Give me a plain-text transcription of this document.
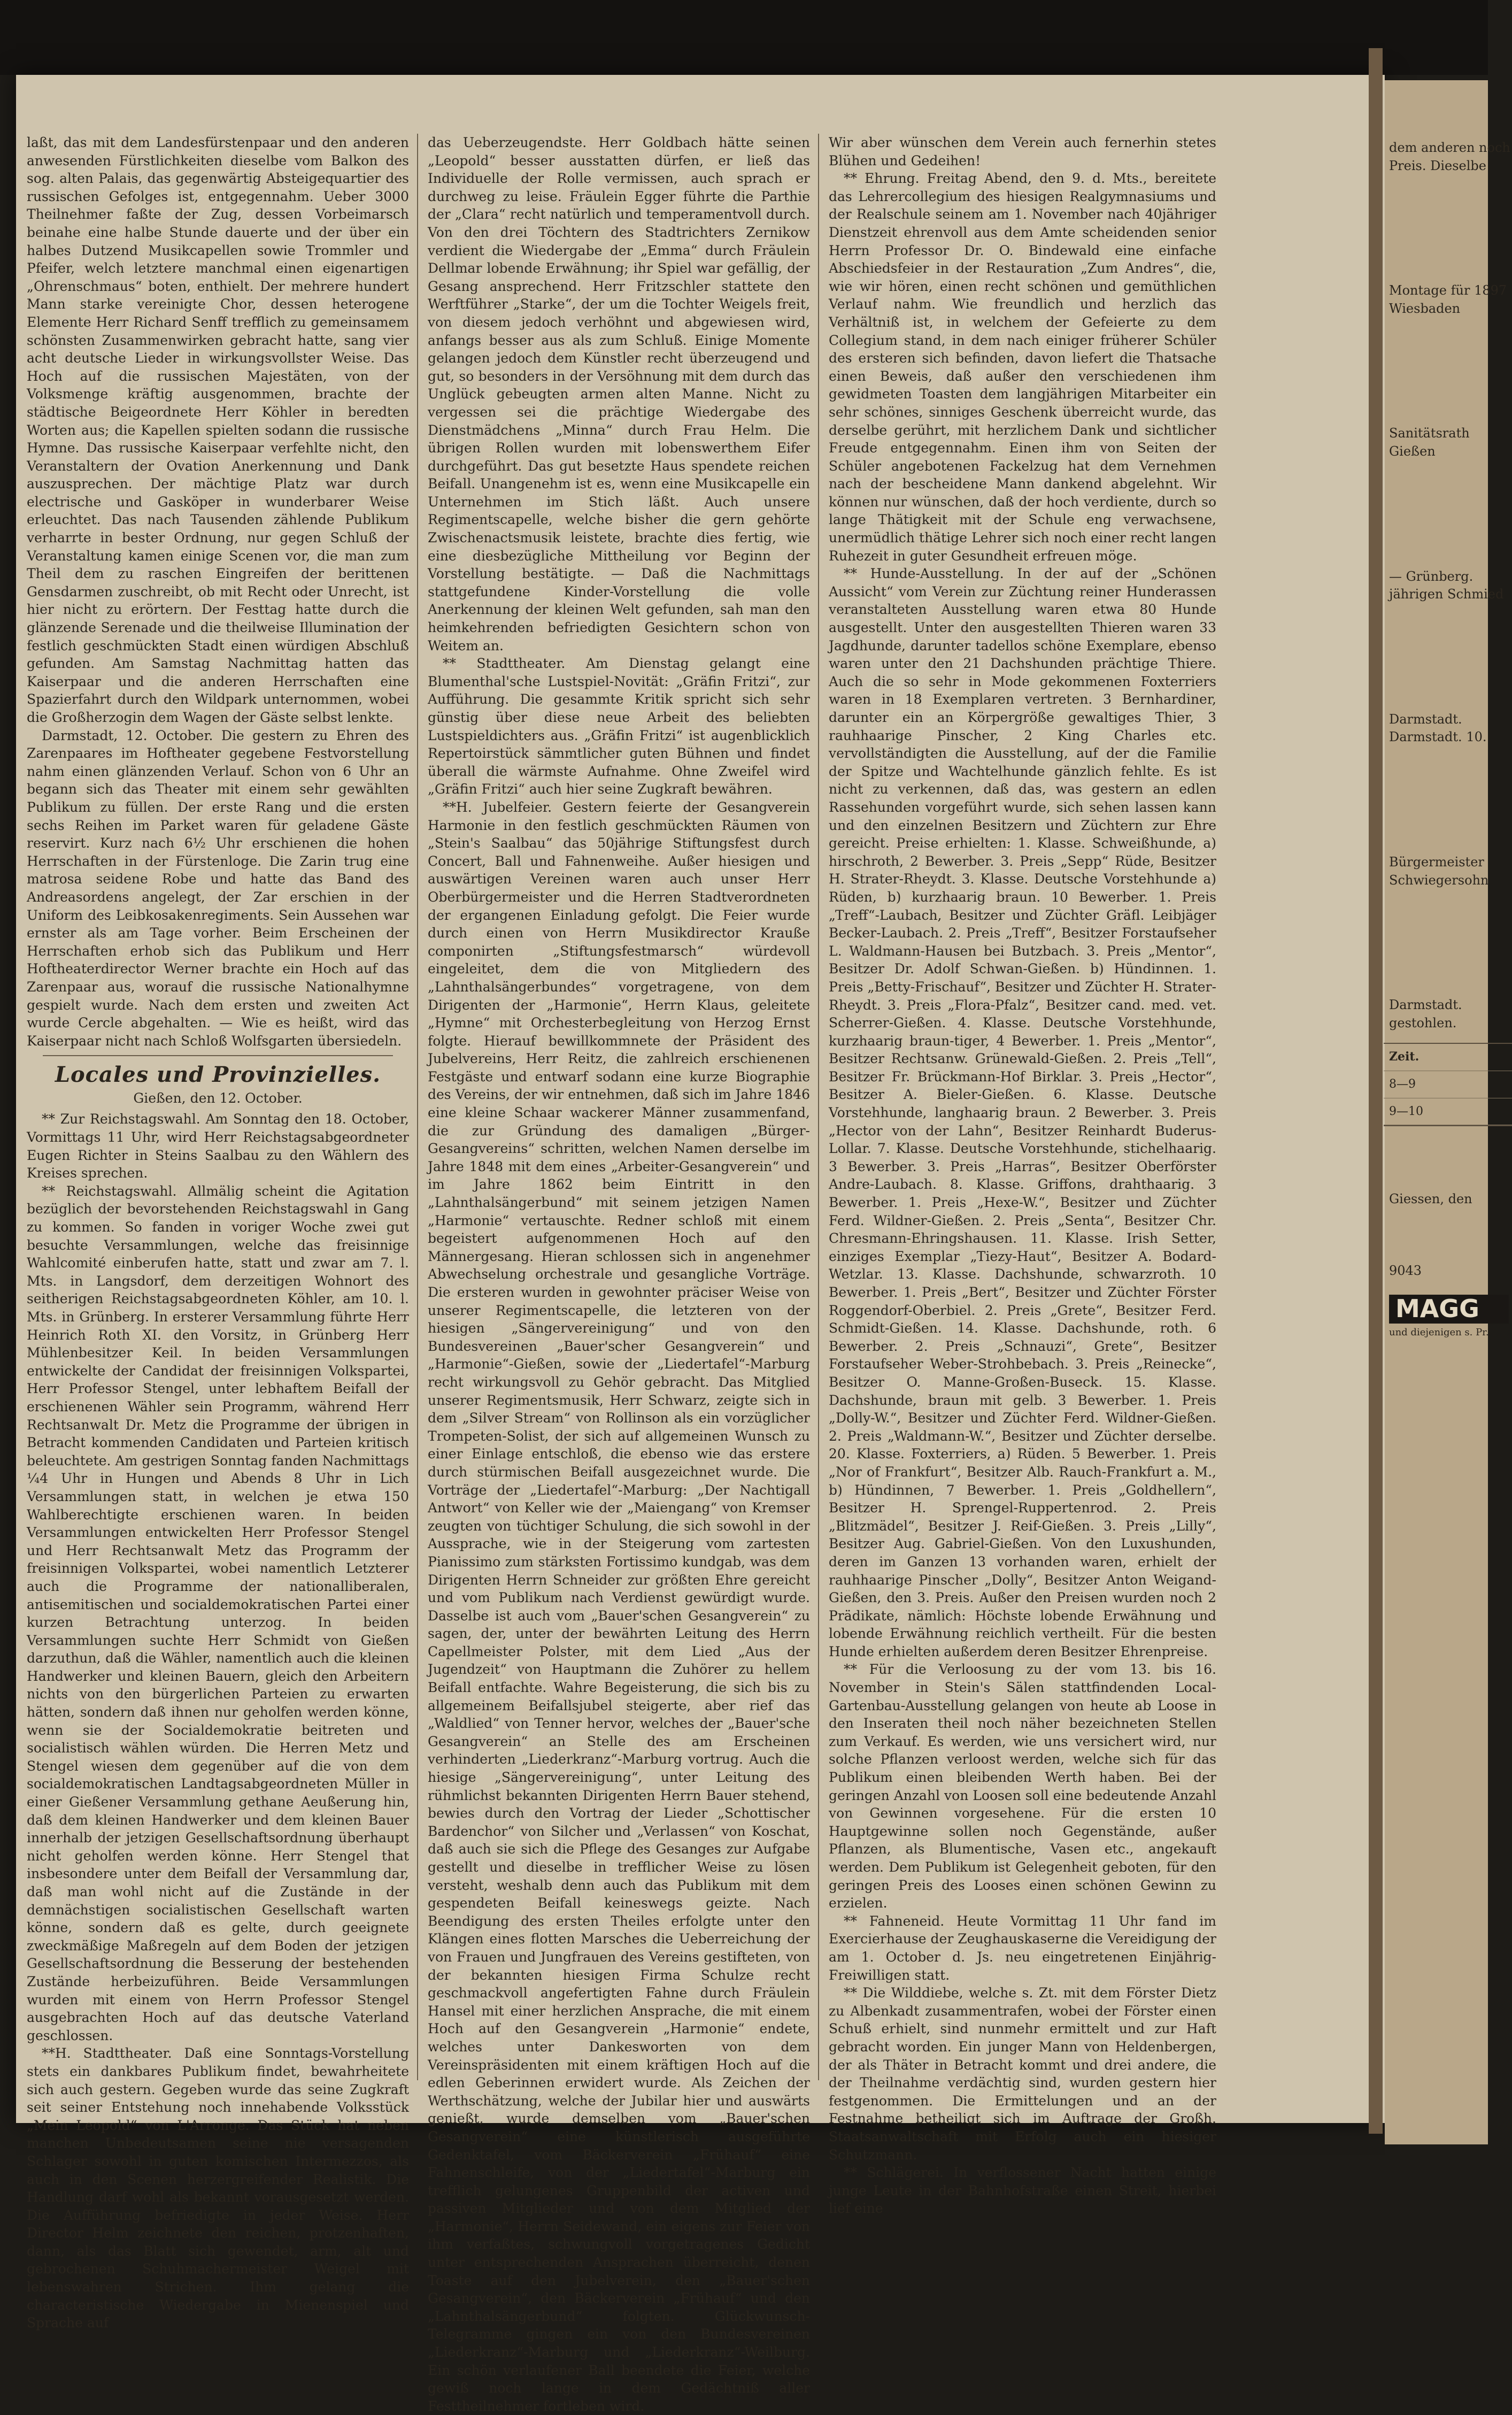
laßt, das mit dem Landesfürstenpaar und den anderen anwesenden Fürstlichkeiten dieselbe vom Balkon des sog. alten Palais, das gegenwärtig Absteigequartier des russischen Gefolges ist, entgegennahm. Ueber 3000 Theilnehmer faßte der Zug, dessen Vorbeimarsch beinahe eine halbe Stunde dauerte und der über ein halbes Dutzend Musikcapellen sowie Trommler und Pfeifer, welch letztere manchmal einen eigenartigen „Ohrenschmaus“ boten, enthielt. Der mehrere hundert Mann starke vereinigte Chor, dessen heterogene Elemente Herr Richard Senff trefflich zu gemeinsamem schönsten Zusammenwirken gebracht hatte, sang vier acht deutsche Lieder in wirkungsvollster Weise. Das Hoch auf die russischen Majestäten, von der Volksmenge kräftig ausgenommen, brachte der städtische Beigeordnete Herr Köhler in beredten Worten aus; die Kapellen spielten sodann die russische Hymne. Das russische Kaiserpaar verfehlte nicht, den Veranstaltern der Ovation Anerkennung und Dank auszusprechen. Der mächtige Platz war durch electrische und Gasköper in wunderbarer Weise erleuchtet. Das nach Tausenden zählende Publikum verharrte in bester Ordnung, nur gegen Schluß der Veranstaltung kamen einige Scenen vor, die man zum Theil dem zu raschen Eingreifen der berittenen Gensdarmen zuschreibt, ob mit Recht oder Unrecht, ist hier nicht zu erörtern. Der Festtag hatte durch die glänzende Serenade und die theilweise Illumination der festlich geschmückten Stadt einen würdigen Abschluß gefunden. Am Samstag Nachmittag hatten das Kaiserpaar und die anderen Herrschaften eine Spazierfahrt durch den Wildpark unternommen, wobei die Großherzogin dem Wagen der Gäste selbst lenkte.

Darmstadt, 12. October. Die gestern zu Ehren des Zarenpaares im Hoftheater gegebene Festvorstellung nahm einen glänzenden Verlauf. Schon von 6 Uhr an begann sich das Theater mit einem sehr gewählten Publikum zu füllen. Der erste Rang und die ersten sechs Reihen im Parket waren für geladene Gäste reservirt. Kurz nach 6½ Uhr erschienen die hohen Herrschaften in der Fürstenloge. Die Zarin trug eine matrosa seidene Robe und hatte das Band des Andreasordens angelegt, der Zar erschien in der Uniform des Leibkosakenregiments. Sein Aussehen war ernster als am Tage vorher. Beim Erscheinen der Herrschaften erhob sich das Publikum und Herr Hoftheaterdirector Werner brachte ein Hoch auf das Zarenpaar aus, worauf die russische Nationalhymne gespielt wurde. Nach dem ersten und zweiten Act wurde Cercle abgehalten. — Wie es heißt, wird das Kaiserpaar nicht nach Schloß Wolfsgarten übersiedeln.

Locales und Provinzielles.
Gießen, den 12. October.

** Zur Reichstagswahl. Am Sonntag den 18. October, Vormittags 11 Uhr, wird Herr Reichstagsabgeordneter Eugen Richter in Steins Saalbau zu den Wählern des Kreises sprechen.

** Reichstagswahl. Allmälig scheint die Agitation bezüglich der bevorstehenden Reichstagswahl in Gang zu kommen. So fanden in voriger Woche zwei gut besuchte Versammlungen, welche das freisinnige Wahlcomité einberufen hatte, statt und zwar am 7. l. Mts. in Langsdorf, dem derzeitigen Wohnort des seitherigen Reichstagsabgeordneten Köhler, am 10. l. Mts. in Grünberg. In ersterer Versammlung führte Herr Heinrich Roth XI. den Vorsitz, in Grünberg Herr Mühlenbesitzer Keil. In beiden Versammlungen entwickelte der Candidat der freisinnigen Volkspartei, Herr Professor Stengel, unter lebhaftem Beifall der erschienenen Wähler sein Programm, während Herr Rechtsanwalt Dr. Metz die Programme der übrigen in Betracht kommenden Candidaten und Parteien kritisch beleuchtete. Am gestrigen Sonntag fanden Nachmittags ¼4 Uhr in Hungen und Abends 8 Uhr in Lich Versammlungen statt, in welchen je etwa 150 Wahlberechtigte erschienen waren. In beiden Versammlungen entwickelten Herr Professor Stengel und Herr Rechtsanwalt Metz das Programm der freisinnigen Volkspartei, wobei namentlich Letzterer auch die Programme der nationalliberalen, antisemitischen und socialdemokratischen Partei einer kurzen Betrachtung unterzog. In beiden Versammlungen suchte Herr Schmidt von Gießen darzuthun, daß die Wähler, namentlich auch die kleinen Handwerker und kleinen Bauern, gleich den Arbeitern nichts von den bürgerlichen Parteien zu erwarten hätten, sondern daß ihnen nur geholfen werden könne, wenn sie der Socialdemokratie beitreten und socialistisch wählen würden. Die Herren Metz und Stengel wiesen dem gegenüber auf die von dem socialdemokratischen Landtagsabgeordneten Müller in einer Gießener Versammlung gethane Aeußerung hin, daß dem kleinen Handwerker und dem kleinen Bauer innerhalb der jetzigen Gesellschaftsordnung überhaupt nicht geholfen werden könne. Herr Stengel that insbesondere unter dem Beifall der Versammlung dar, daß man wohl nicht auf die Zustände in der demnächstigen socialistischen Gesellschaft warten könne, sondern daß es gelte, durch geeignete zweckmäßige Maßregeln auf dem Boden der jetzigen Gesellschaftsordnung die Besserung der bestehenden Zustände herbeizuführen. Beide Versammlungen wurden mit einem von Herrn Professor Stengel ausgebrachten Hoch auf das deutsche Vaterland geschlossen.

**H. Stadttheater. Daß eine Sonntags-Vorstellung stets ein dankbares Publikum findet, bewahrheitete sich auch gestern. Gegeben wurde das seine Zugkraft seit seiner Entstehung noch innehabende Volksstück „Mein Leopold“ von L'Arronge. Das Stück hat neben manchen Unbedeutsamen seine nie versagenden Schlager sowohl in guten komischen Intermezzos, als auch in den Scenen herzergreifender Realistik. Die Handlung darf wohl als bekannt vorausgesetzt werden. Die Aufführung befriedigte in jeder Weise. Herr Director Helm zeichnete den reichen, protzenhaften, dann, als das Blatt sich gewendet, arm, alt und gebrochenen Schuhmachermeister Weigel mit lebenswahren Strichen. Ihm gelang die characteristische Wiedergabe in Mienenspiel und Sprache auf

das Ueberzeugendste. Herr Goldbach hätte seinen „Leopold“ besser ausstatten dürfen, er ließ das Individuelle der Rolle vermissen, auch sprach er durchweg zu leise. Fräulein Egger führte die Parthie der „Clara“ recht natürlich und temperamentvoll durch. Von den drei Töchtern des Stadtrichters Zernikow verdient die Wiedergabe der „Emma“ durch Fräulein Dellmar lobende Erwähnung; ihr Spiel war gefällig, der Gesang ansprechend. Herr Fritzschler stattete den Werftführer „Starke“, der um die Tochter Weigels freit, von diesem jedoch verhöhnt und abgewiesen wird, anfangs besser aus als zum Schluß. Einige Momente gelangen jedoch dem Künstler recht überzeugend und gut, so besonders in der Versöhnung mit dem durch das Unglück gebeugten armen alten Manne. Nicht zu vergessen sei die prächtige Wiedergabe des Dienstmädchens „Minna“ durch Frau Helm. Die übrigen Rollen wurden mit lobenswerthem Eifer durchgeführt. Das gut besetzte Haus spendete reichen Beifall. Unangenehm ist es, wenn eine Musikcapelle ein Unternehmen im Stich läßt. Auch unsere Regimentscapelle, welche bisher die gern gehörte Zwischenactsmusik leistete, brachte dies fertig, wie eine diesbezügliche Mittheilung vor Beginn der Vorstellung bestätigte. — Daß die Nachmittags stattgefundene Kinder-Vorstellung die volle Anerkennung der kleinen Welt gefunden, sah man den heimkehrenden befriedigten Gesichtern schon von Weitem an.

** Stadttheater. Am Dienstag gelangt eine Blumenthal'sche Lustspiel-Novität: „Gräfin Fritzi“, zur Aufführung. Die gesammte Kritik spricht sich sehr günstig über diese neue Arbeit des beliebten Lustspieldichters aus. „Gräfin Fritzi“ ist augenblicklich Repertoirstück sämmtlicher guten Bühnen und findet überall die wärmste Aufnahme. Ohne Zweifel wird „Gräfin Fritzi“ auch hier seine Zugkraft bewähren.

**H. Jubelfeier. Gestern feierte der Gesangverein Harmonie in den festlich geschmückten Räumen von „Stein's Saalbau“ das 50jährige Stiftungsfest durch Concert, Ball und Fahnenweihe. Außer hiesigen und auswärtigen Vereinen waren auch unser Herr Oberbürgermeister und die Herren Stadtverordneten der ergangenen Einladung gefolgt. Die Feier wurde durch einen von Herrn Musikdirector Krauße componirten „Stiftungsfestmarsch“ würdevoll eingeleitet, dem die von Mitgliedern des „Lahnthalsängerbundes“ vorgetragene, von dem Dirigenten der „Harmonie“, Herrn Klaus, geleitete „Hymne“ mit Orchesterbegleitung von Herzog Ernst folgte. Hierauf bewillkommnete der Präsident des Jubelvereins, Herr Reitz, die zahlreich erschienenen Festgäste und entwarf sodann eine kurze Biographie des Vereins, der wir entnehmen, daß sich im Jahre 1846 eine kleine Schaar wackerer Männer zusammenfand, die zur Gründung des damaligen „Bürger-Gesangvereins“ schritten, welchen Namen derselbe im Jahre 1848 mit dem eines „Arbeiter-Gesangverein“ und im Jahre 1862 beim Eintritt in den „Lahnthalsängerbund“ mit seinem jetzigen Namen „Harmonie“ vertauschte. Redner schloß mit einem begeistert aufgenommenen Hoch auf den Männergesang. Hieran schlossen sich in angenehmer Abwechselung orchestrale und gesangliche Vorträge. Die ersteren wurden in gewohnter präciser Weise von unserer Regimentscapelle, die letzteren von der hiesigen „Sängervereinigung“ und von den Bundesvereinen „Bauer'scher Gesangverein“ und „Harmonie“-Gießen, sowie der „Liedertafel“-Marburg recht wirkungsvoll zu Gehör gebracht. Das Mitglied unserer Regimentsmusik, Herr Schwarz, zeigte sich in dem „Silver Stream“ von Rollinson als ein vorzüglicher Trompeten-Solist, der sich auf allgemeinen Wunsch zu einer Einlage entschloß, die ebenso wie das erstere durch stürmischen Beifall ausgezeichnet wurde. Die Vorträge der „Liedertafel“-Marburg: „Der Nachtigall Antwort“ von Keller wie der „Maiengang“ von Kremser zeugten von tüchtiger Schulung, die sich sowohl in der Aussprache, wie in der Steigerung vom zartesten Pianissimo zum stärksten Fortissimo kundgab, was dem Dirigenten Herrn Schneider zur größten Ehre gereicht und vom Publikum nach Verdienst gewürdigt wurde. Dasselbe ist auch vom „Bauer'schen Gesangverein“ zu sagen, der, unter der bewährten Leitung des Herrn Capellmeister Polster, mit dem Lied „Aus der Jugendzeit“ von Hauptmann die Zuhörer zu hellem Beifall entfachte. Wahre Begeisterung, die sich bis zu allgemeinem Beifallsjubel steigerte, aber rief das „Waldlied“ von Tenner hervor, welches der „Bauer'sche Gesangverein“ an Stelle des am Erscheinen verhinderten „Liederkranz“-Marburg vortrug. Auch die hiesige „Sängervereinigung“, unter Leitung des rühmlichst bekannten Dirigenten Herrn Bauer stehend, bewies durch den Vortrag der Lieder „Schottischer Bardenchor“ von Silcher und „Verlassen“ von Koschat, daß auch sie sich die Pflege des Gesanges zur Aufgabe gestellt und dieselbe in trefflicher Weise zu lösen versteht, weshalb denn auch das Publikum mit dem gespendeten Beifall keineswegs geizte. Nach Beendigung des ersten Theiles erfolgte unter den Klängen eines flotten Marsches die Ueberreichung der von Frauen und Jungfrauen des Vereins gestifteten, von der bekannten hiesigen Firma Schulze recht geschmackvoll angefertigten Fahne durch Fräulein Hansel mit einer herzlichen Ansprache, die mit einem Hoch auf den Gesangverein „Harmonie“ endete, welches unter Dankesworten von dem Vereinspräsidenten mit einem kräftigen Hoch auf die edlen Geberinnen erwidert wurde. Als Zeichen der Werthschätzung, welche der Jubilar hier und auswärts genießt, wurde demselben vom „Bauer'schen Gesangverein“ eine künstlerisch ausgeführte Gedenktafel, vom Bäckerverein „Frühauf“ eine Fahnenschleife, von der „Liedertafel“-Marburg ein trefflich gelungenes Gruppenbild der activen und passiven Mitglieder und von dem Mitglied der „Harmonie“, Herrn Seidewand, ein eigens zur Feier von ihm verfaßtes, schwungvoll vorgetragenes Gedicht unter entsprechenden Ansprachen überreicht, denen Toaste auf den Jubelverein, den „Bauer'schen Gesangverein“, den Bäckerverein „Frühauf“ und den „Lahnthalsängerbund“ folgten. Glückwunsch-Telegramme gingen ein von den Bundesvereinen „Liederkranz“-Marburg und „Liederkranz“-Weilburg. Ein schön verlaufener Ball beendete die Feier, welche gewiß noch lange in dem Gedächtniß aller Festtheilnehmer fortleben wird.

Wir aber wünschen dem Verein auch fernerhin stetes Blühen und Gedeihen!

** Ehrung. Freitag Abend, den 9. d. Mts., bereitete das Lehrercollegium des hiesigen Realgymnasiums und der Realschule seinem am 1. November nach 40jähriger Dienstzeit ehrenvoll aus dem Amte scheidenden senior Herrn Professor Dr. O. Bindewald eine einfache Abschiedsfeier in der Restauration „Zum Andres“, die, wie wir hören, einen recht schönen und gemüthlichen Verlauf nahm. Wie freundlich und herzlich das Verhältniß ist, in welchem der Gefeierte zu dem Collegium stand, in dem nach einiger früherer Schüler des ersteren sich befinden, davon liefert die Thatsache einen Beweis, daß außer den verschiedenen ihm gewidmeten Toasten dem langjährigen Mitarbeiter ein sehr schönes, sinniges Geschenk überreicht wurde, das derselbe gerührt, mit herzlichem Dank und sichtlicher Freude entgegennahm. Einen ihm von Seiten der Schüler angebotenen Fackelzug hat dem Vernehmen nach der bescheidene Mann dankend abgelehnt. Wir können nur wünschen, daß der hoch verdiente, durch so lange Thätigkeit mit der Schule eng verwachsene, unermüdlich thätige Lehrer sich noch einer recht langen Ruhezeit in guter Gesundheit erfreuen möge.

** Hunde-Ausstellung. In der auf der „Schönen Aussicht“ vom Verein zur Züchtung reiner Hunderassen veranstalteten Ausstellung waren etwa 80 Hunde ausgestellt. Unter den ausgestellten Thieren waren 33 Jagdhunde, darunter tadellos schöne Exemplare, ebenso waren unter den 21 Dachshunden prächtige Thiere. Auch die so sehr in Mode gekommenen Foxterriers waren in 18 Exemplaren vertreten. 3 Bernhardiner, darunter ein an Körpergröße gewaltiges Thier, 3 rauhhaarige Pinscher, 2 King Charles etc. vervollständigten die Ausstellung, auf der die Familie der Spitze und Wachtelhunde gänzlich fehlte. Es ist nicht zu verkennen, daß das, was gestern an edlen Rassehunden vorgeführt wurde, sich sehen lassen kann und den einzelnen Besitzern und Züchtern zur Ehre gereicht. Preise erhielten: 1. Klasse. Schweißhunde, a) hirschroth, 2 Bewerber. 3. Preis „Sepp“ Rüde, Besitzer H. Strater-Rheydt. 3. Klasse. Deutsche Vorstehhunde a) Rüden, b) kurzhaarig braun. 10 Bewerber. 1. Preis „Treff“-Laubach, Besitzer und Züchter Gräfl. Leibjäger Becker-Laubach. 2. Preis „Treff“, Besitzer Forstaufseher L. Waldmann-Hausen bei Butzbach. 3. Preis „Mentor“, Besitzer Dr. Adolf Schwan-Gießen. b) Hündinnen. 1. Preis „Betty-Frischauf“, Besitzer und Züchter H. Strater-Rheydt. 3. Preis „Flora-Pfalz“, Besitzer cand. med. vet. Scherrer-Gießen. 4. Klasse. Deutsche Vorstehhunde, kurzhaarig braun-tiger, 4 Bewerber. 1. Preis „Mentor“, Besitzer Rechtsanw. Grünewald-Gießen. 2. Preis „Tell“, Besitzer Fr. Brückmann-Hof Birklar. 3. Preis „Hector“, Besitzer A. Bieler-Gießen. 6. Klasse. Deutsche Vorstehhunde, langhaarig braun. 2 Bewerber. 3. Preis „Hector von der Lahn“, Besitzer Reinhardt Buderus-Lollar. 7. Klasse. Deutsche Vorstehhunde, stichelhaarig. 3 Bewerber. 3. Preis „Harras“, Besitzer Oberförster Andre-Laubach. 8. Klasse. Griffons, drahthaarig. 3 Bewerber. 1. Preis „Hexe-W.“, Besitzer und Züchter Ferd. Wildner-Gießen. 2. Preis „Senta“, Besitzer Chr. Chresmann-Ehringshausen. 11. Klasse. Irish Setter, einziges Exemplar „Tiezy-Haut“, Besitzer A. Bodard-Wetzlar. 13. Klasse. Dachshunde, schwarzroth. 10 Bewerber. 1. Preis „Bert“, Besitzer und Züchter Förster Roggendorf-Oberbiel. 2. Preis „Grete“, Besitzer Ferd. Schmidt-Gießen. 14. Klasse. Dachshunde, roth. 6 Bewerber. 2. Preis „Schnauzi“, Grete“, Besitzer Forstaufseher Weber-Strohbebach. 3. Preis „Reinecke“, Besitzer O. Manne-Großen-Buseck. 15. Klasse. Dachshunde, braun mit gelb. 3 Bewerber. 1. Preis „Dolly-W.“, Besitzer und Züchter Ferd. Wildner-Gießen. 2. Preis „Waldmann-W.“, Besitzer und Züchter derselbe. 20. Klasse. Foxterriers, a) Rüden. 5 Bewerber. 1. Preis „Nor of Frankfurt“, Besitzer Alb. Rauch-Frankfurt a. M., b) Hündinnen, 7 Bewerber. 1. Preis „Goldhellern“, Besitzer H. Sprengel-Ruppertenrod. 2. Preis „Blitzmädel“, Besitzer J. Reif-Gießen. 3. Preis „Lilly“, Besitzer Aug. Gabriel-Gießen. Von den Luxushunden, deren im Ganzen 13 vorhanden waren, erhielt der rauhhaarige Pinscher „Dolly“, Besitzer Anton Weigand-Gießen, den 3. Preis. Außer den Preisen wurden noch 2 Prädikate, nämlich: Höchste lobende Erwähnung und lobende Erwähnung reichlich vertheilt. Für die besten Hunde erhielten außerdem deren Besitzer Ehrenpreise.

** Für die Verloosung zu der vom 13. bis 16. November in Stein's Sälen stattfindenden Local-Gartenbau-Ausstellung gelangen von heute ab Loose in den Inseraten theil noch näher bezeichneten Stellen zum Verkauf. Es werden, wie uns versichert wird, nur solche Pflanzen verloost werden, welche sich für das Publikum einen bleibenden Werth haben. Bei der geringen Anzahl von Loosen soll eine bedeutende Anzahl von Gewinnen vorgesehene. Für die ersten 10 Hauptgewinne sollen noch Gegenstände, außer Pflanzen, als Blumentische, Vasen etc., angekauft werden. Dem Publikum ist Gelegenheit geboten, für den geringen Preis des Looses einen schönen Gewinn zu erzielen.

** Fahneneid. Heute Vormittag 11 Uhr fand im Exercierhause der Zeughauskaserne die Vereidigung der am 1. October d. Js. neu eingetretenen Einjährig-Freiwilligen statt.

** Die Wilddiebe, welche s. Zt. mit dem Förster Dietz zu Albenkadt zusammentrafen, wobei der Förster einen Schuß erhielt, sind nunmehr ermittelt und zur Haft gebracht worden. Ein junger Mann von Heldenbergen, der als Thäter in Betracht kommt und drei andere, die der Theilnahme verdächtig sind, wurden gestern hier festgenommen. Die Ermittelungen und an der Festnahme betheiligt sich im Auftrage der Großh. Staatsanwaltschaft mit Erfolg auch ein hiesiger Schutzmann.

** Schlägerei. In verflossener Nacht hatten einige junge Leute in der Bahnhofstraße einen Streit, hierbei lief eine

dem anderen noch
Preis. Dieselbe
Montage für 1897
Wiesbaden
Sanitätsrath
Gießen
— Grünberg.
jährigen Schmied
Darmstadt.
Darmstadt. 10.
Bürgermeister
Schwiegersohn
Darmstadt.
gestohlen.
Zeit.
8—9
9—10
Giessen, den
9043
MAGG
und diejenigen s. Pr.
